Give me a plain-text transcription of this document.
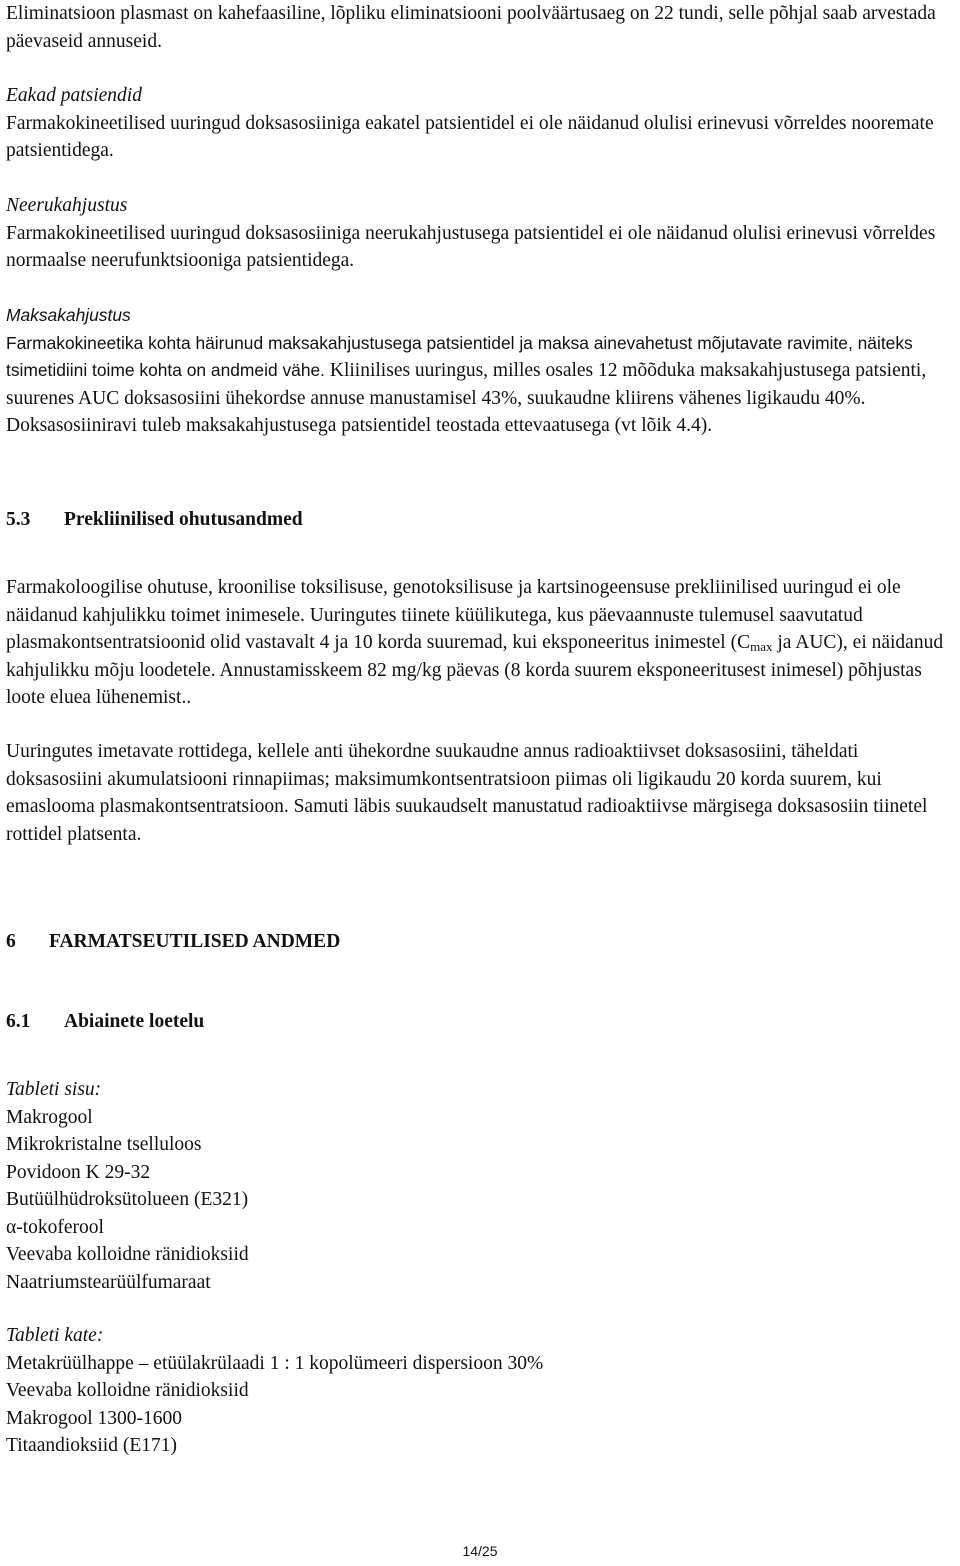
Eliminatsioon plasmast on kahefaasiline, lõpliku eliminatsiooni poolväärtusaeg on 22 tundi, selle põhjal saab arvestada päevaseid annuseid.

Eakad patsiendid

Farmakokineetilised uuringud doksasosiiniga eakatel patsientidel ei ole näidanud olulisi erinevusi võrreldes nooremate patsientidega.

Neerukahjustus

Farmakokineetilised uuringud doksasosiiniga neerukahjustusega patsientidel ei ole näidanud olulisi erinevusi võrreldes normaalse neerufunktsiooniga patsientidega.

Maksakahjustus

Farmakokineetika kohta häirunud maksakahjustusega patsientidel ja maksa ainevahetust mõjutavate ravimite, näiteks tsimetidiini toime kohta on andmeid vähe. Kliinilises uuringus, milles osales 12 mõõduka maksakahjustusega patsienti, suurenes AUC doksasosiini ühekordse annuse manustamisel 43%, suukaudne kliirens vähenes ligikaudu 40%. Doksasosiiniravi tuleb maksakahjustusega patsientidel teostada ettevaatusega (vt lõik 4.4).

5.3 Prekliinilised ohutusandmed

Farmakoloogilise ohutuse, kroonilise toksilisuse, genotoksilisuse ja kartsinogeensuse prekliinilised uuringud ei ole näidanud kahjulikku toimet inimesele. Uuringutes tiinete küülikutega, kus päevaannuste tulemusel saavutatud plasmakontsentratsioonid olid vastavalt 4 ja 10 korda suuremad, kui eksponeeritus inimestel ($C_{max}$ ja AUC), ei näidanud kahjulikku mõju loodetele. Annustamisskeem 82 mg/kg päevas (8 korda suurem eksponeeritusest inimesel) põhjustas loote eluea lühenemist..

Uuringutes imetavate rottidega, kellele anti ühekordne suukaudne annus radioaktiivset doksasosiini, täheldati doksasosiini akumulatsiooni rinnapiimas; maksimumkontsentratsioon piimas oli ligikaudu 20 korda suurem, kui emaslooma plasmakontsentratsioon. Samuti läbis suukaudselt manustatud radioaktiivse märgisega doksasosiin tiinetel rottidel platsenta.

6 FARMATSEUTILISED ANDMED

6.1 Abiainete loetelu

Tableti sisu:

Makrogool
Mikrokristalne tselluloos
Povidoon K 29-32
Butüülhüdroksütolueen (E321)
α-tokoferool
Veevaba kolloidne ränidioksiid
Naatriumstearüülfumaraat

Tableti kate:

Metakrüülhappe – etüülakrülaadi 1 : 1 kopolümeeri dispersioon 30%
Veevaba kolloidne ränidioksiid
Makrogool 1300-1600
Titaandioksiid (E171)
14/25
